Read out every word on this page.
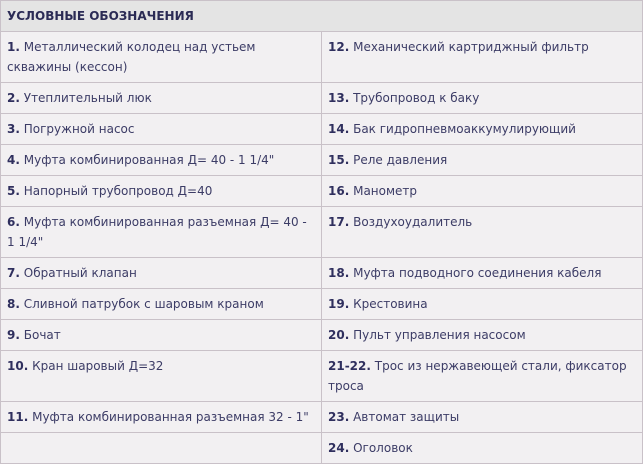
УСЛОВНЫЕ ОБОЗНАЧЕНИЯ	
1. Металлический колодец над устьем скважины (кессон)	12. Механический картриджный фильтр
2. Утеплительный люк	13. Трубопровод к баку
3. Погружной насос	14. Бак гидропневмоаккумулирующий
4. Муфта комбинированная Д= 40 - 1 1/4"	15. Реле давления
5. Напорный трубопровод Д=40	16. Манометр
6. Муфта комбинированная разъемная Д= 40 - 1 1/4"	17. Воздухоудалитель
7. Обратный клапан	18. Муфта подводного соединения кабеля
8. Сливной патрубок с шаровым краном	19. Крестовина
9. Бочат	20. Пульт управления насосом
10. Кран шаровый Д=32	21-22. Трос из нержавеющей стали, фиксатор троса
11. Муфта комбинированная разъемная 32 - 1"	23. Автомат защиты
	24. Оголовок
